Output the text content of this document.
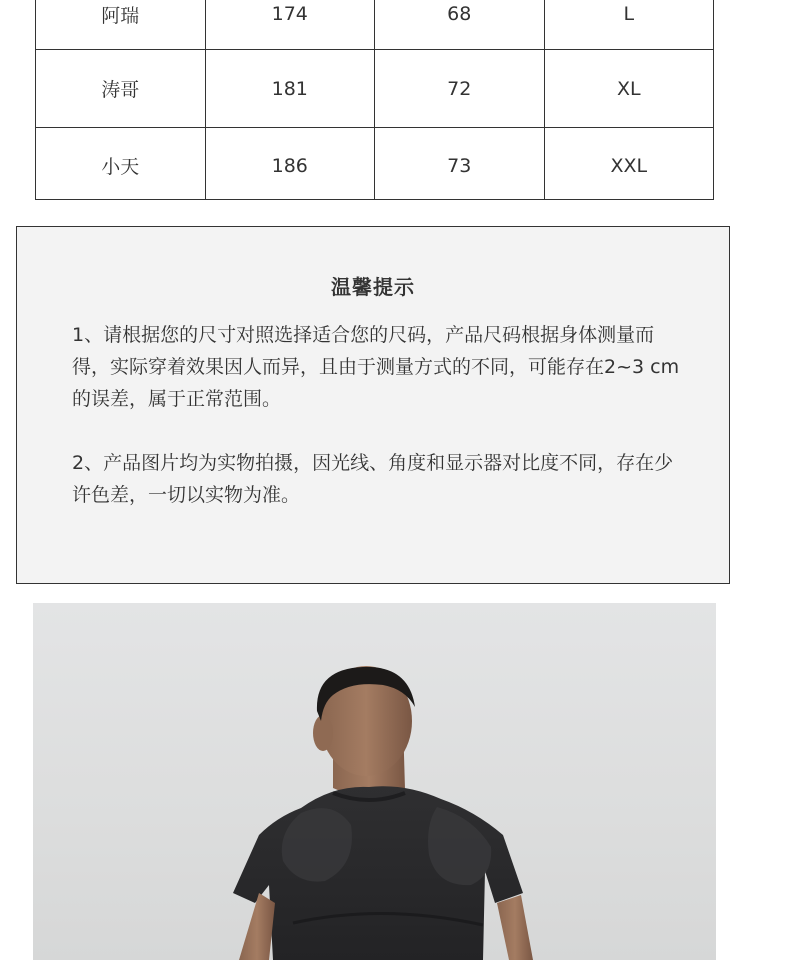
阿瑞	174	68	L
涛哥	181	72	XL
小天	186	73	XXL
温馨提示

1、请根据您的尺寸对照选择适合您的尺码，产品尺码根据身体测量而得，实际穿着效果因人而异，且由于测量方式的不同，可能存在2~3 cm 的误差，属于正常范围。

2、产品图片均为实物拍摄，因光线、角度和显示器对比度不同，存在少许色差，一切以实物为准。
